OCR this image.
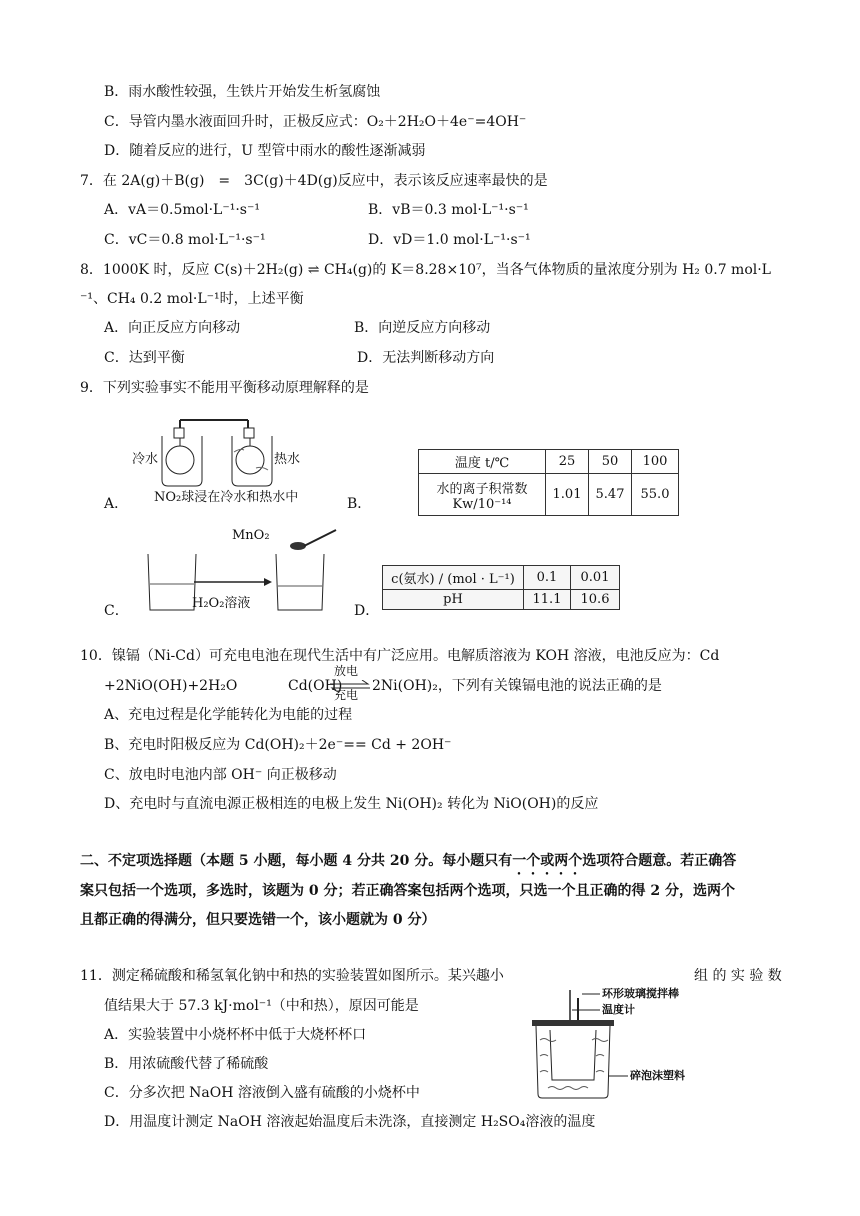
B．雨水酸性较强，生铁片开始发生析氢腐蚀
C．导管内墨水液面回升时，正极反应式：O₂＋2H₂O＋4e⁻=4OH⁻
D．随着反应的进行，U 型管中雨水的酸性逐渐减弱
7．在 2A(g)＋B(g)　=　3C(g)＋4D(g)反应中，表示该反应速率最快的是
A．vA＝0.5mol·L⁻¹·s⁻¹	B．vB＝0.3 mol·L⁻¹·s⁻¹
C．vC＝0.8 mol·L⁻¹·s⁻¹	D．vD＝1.0 mol·L⁻¹·s⁻¹
8．1000K 时，反应 C(s)＋2H₂(g) ⇌ CH₄(g)的 K＝8.28×10⁷，当各气体物质的量浓度分别为 H₂ 0.7 mol·L
⁻¹、CH₄ 0.2 mol·L⁻¹时，上述平衡
A．向正反应方向移动	B．向逆反应方向移动
C．达到平衡	D．无法判断移动方向
9．下列实验事实不能用平衡移动原理解释的是
冷水	热水
NO₂球浸在冷水和热水中
A．	B．
温度 t/℃	25	50	100

水的离子积常数
Kw/10⁻¹⁴	1.01	5.47	55.0
MnO₂
H₂O₂溶液
C．	D．
c(氨水) / (mol · L⁻¹)	0.1	0.01
pH	11.1	10.6
10．镍镉（Ni-Cd）可充电电池在现代生活中有广泛应用。电解质溶液为 KOH 溶液，电池反应为：Cd
+2NiO(OH)+2H₂O	Cd(OH)
放电
充电
⇌ 2Ni(OH)₂，下列有关镍镉电池的说法正确的是
A、充电过程是化学能转化为电能的过程
B、充电时阳极反应为 Cd(OH)₂＋2e⁻== Cd + 2OH⁻
C、放电时电池内部 OH⁻ 向正极移动
D、充电时与直流电源正极相连的电极上发生 Ni(OH)₂ 转化为 NiO(OH)的反应
二、不定项选择题（本题 5 小题，每小题 4 分共 20 分。每小题只有一个或两个选项符合题意。若正确答
案只包括一个选项，多选时，该题为 0 分；若正确答案包括两个选项，只选一个且正确的得 2 分，选两个
且都正确的得满分，但只要选错一个，该小题就为 0 分）
11．测定稀硫酸和稀氢氧化钠中和热的实验装置如图所示。某兴趣小	组 的 实 验 数
值结果大于 57.3 kJ·mol⁻¹（中和热），原因可能是
A．实验装置中小烧杯杯中低于大烧杯杯口
B．用浓硫酸代替了稀硫酸
C．分多次把 NaOH 溶液倒入盛有硫酸的小烧杯中
D．用温度计测定 NaOH 溶液起始温度后未洗涤，直接测定 H₂SO₄溶液的温度
环形玻璃搅拌棒
温度计
碎泡沫塑料
